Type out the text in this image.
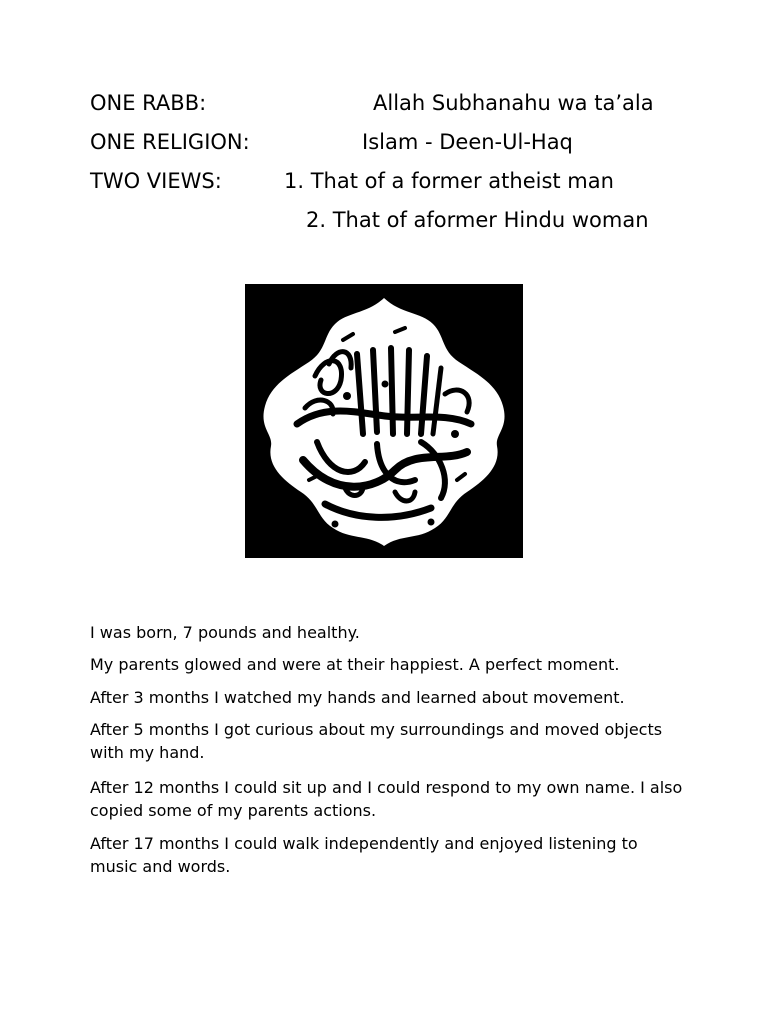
ONE RABB:	Allah Subhanahu wa ta’ala
ONE RELIGION:	Islam - Deen-Ul-Haq
TWO VIEWS:	1. That of a former atheist man
2. That of aformer Hindu woman
I was born, 7 pounds and healthy.
My parents glowed and were at their happiest. A perfect moment.
After 3 months I watched my hands and learned about movement.
After 5 months I got curious about my surroundings and moved objects with my hand.
After 12 months I could sit up and I could respond to my own name. I also copied some of my parents actions.
After 17 months I could walk independently and enjoyed listening to music and words.
